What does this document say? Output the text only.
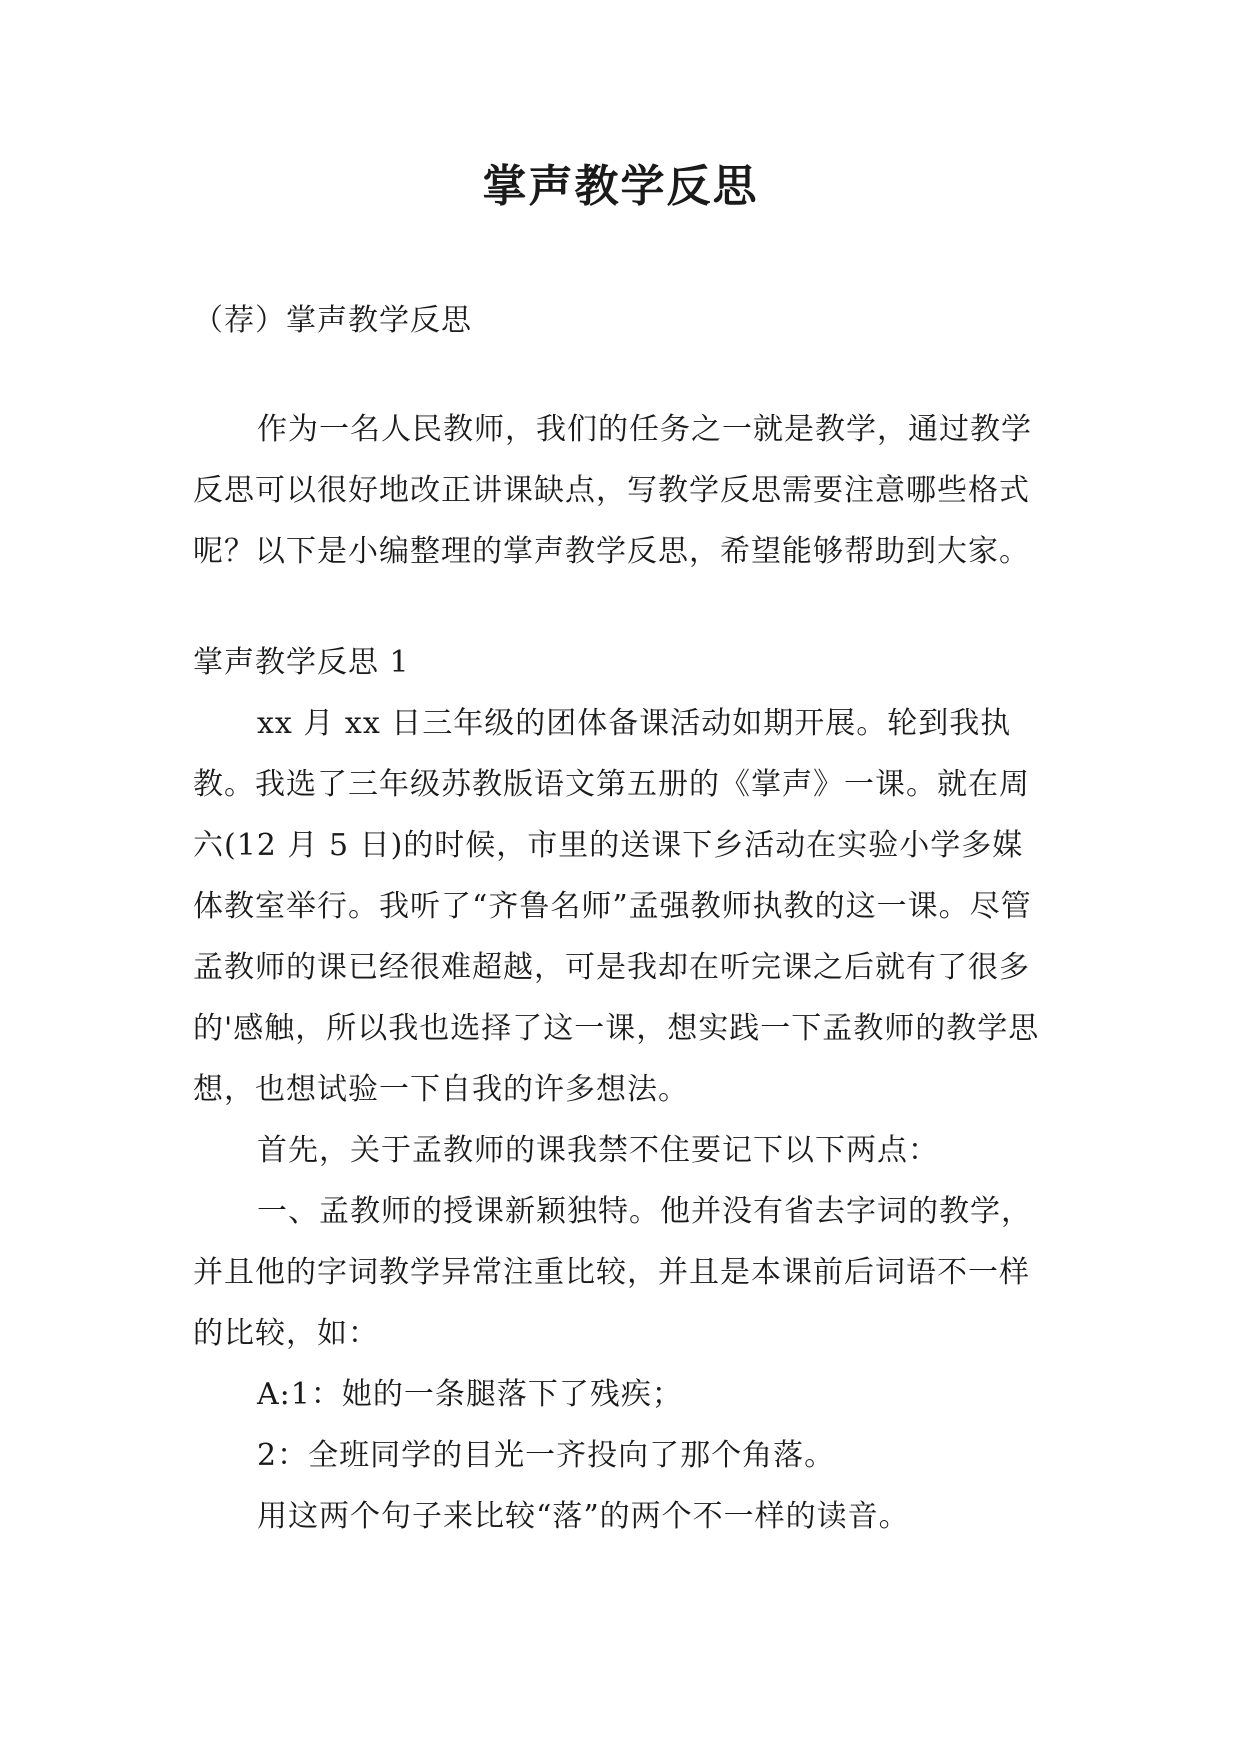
掌声教学反思

（荐）掌声教学反思

作为一名人民教师，我们的任务之一就是教学，通过教学反思可以很好地改正讲课缺点，写教学反思需要注意哪些格式呢？以下是小编整理的掌声教学反思，希望能够帮助到大家。

掌声教学反思 1

xx 月 xx 日三年级的团体备课活动如期开展。轮到我执教。我选了三年级苏教版语文第五册的《掌声》一课。就在周六(12 月 5 日)的时候，市里的送课下乡活动在实验小学多媒体教室举行。我听了“齐鲁名师”孟强教师执教的这一课。尽管孟教师的课已经很难超越，可是我却在听完课之后就有了很多的'感触，所以我也选择了这一课，想实践一下孟教师的教学思想，也想试验一下自我的许多想法。

首先，关于孟教师的课我禁不住要记下以下两点：

一、孟教师的授课新颖独特。他并没有省去字词的教学，并且他的字词教学异常注重比较，并且是本课前后词语不一样的比较，如：

A:1：她的一条腿落下了残疾；

2：全班同学的目光一齐投向了那个角落。

用这两个句子来比较“落”的两个不一样的读音。
